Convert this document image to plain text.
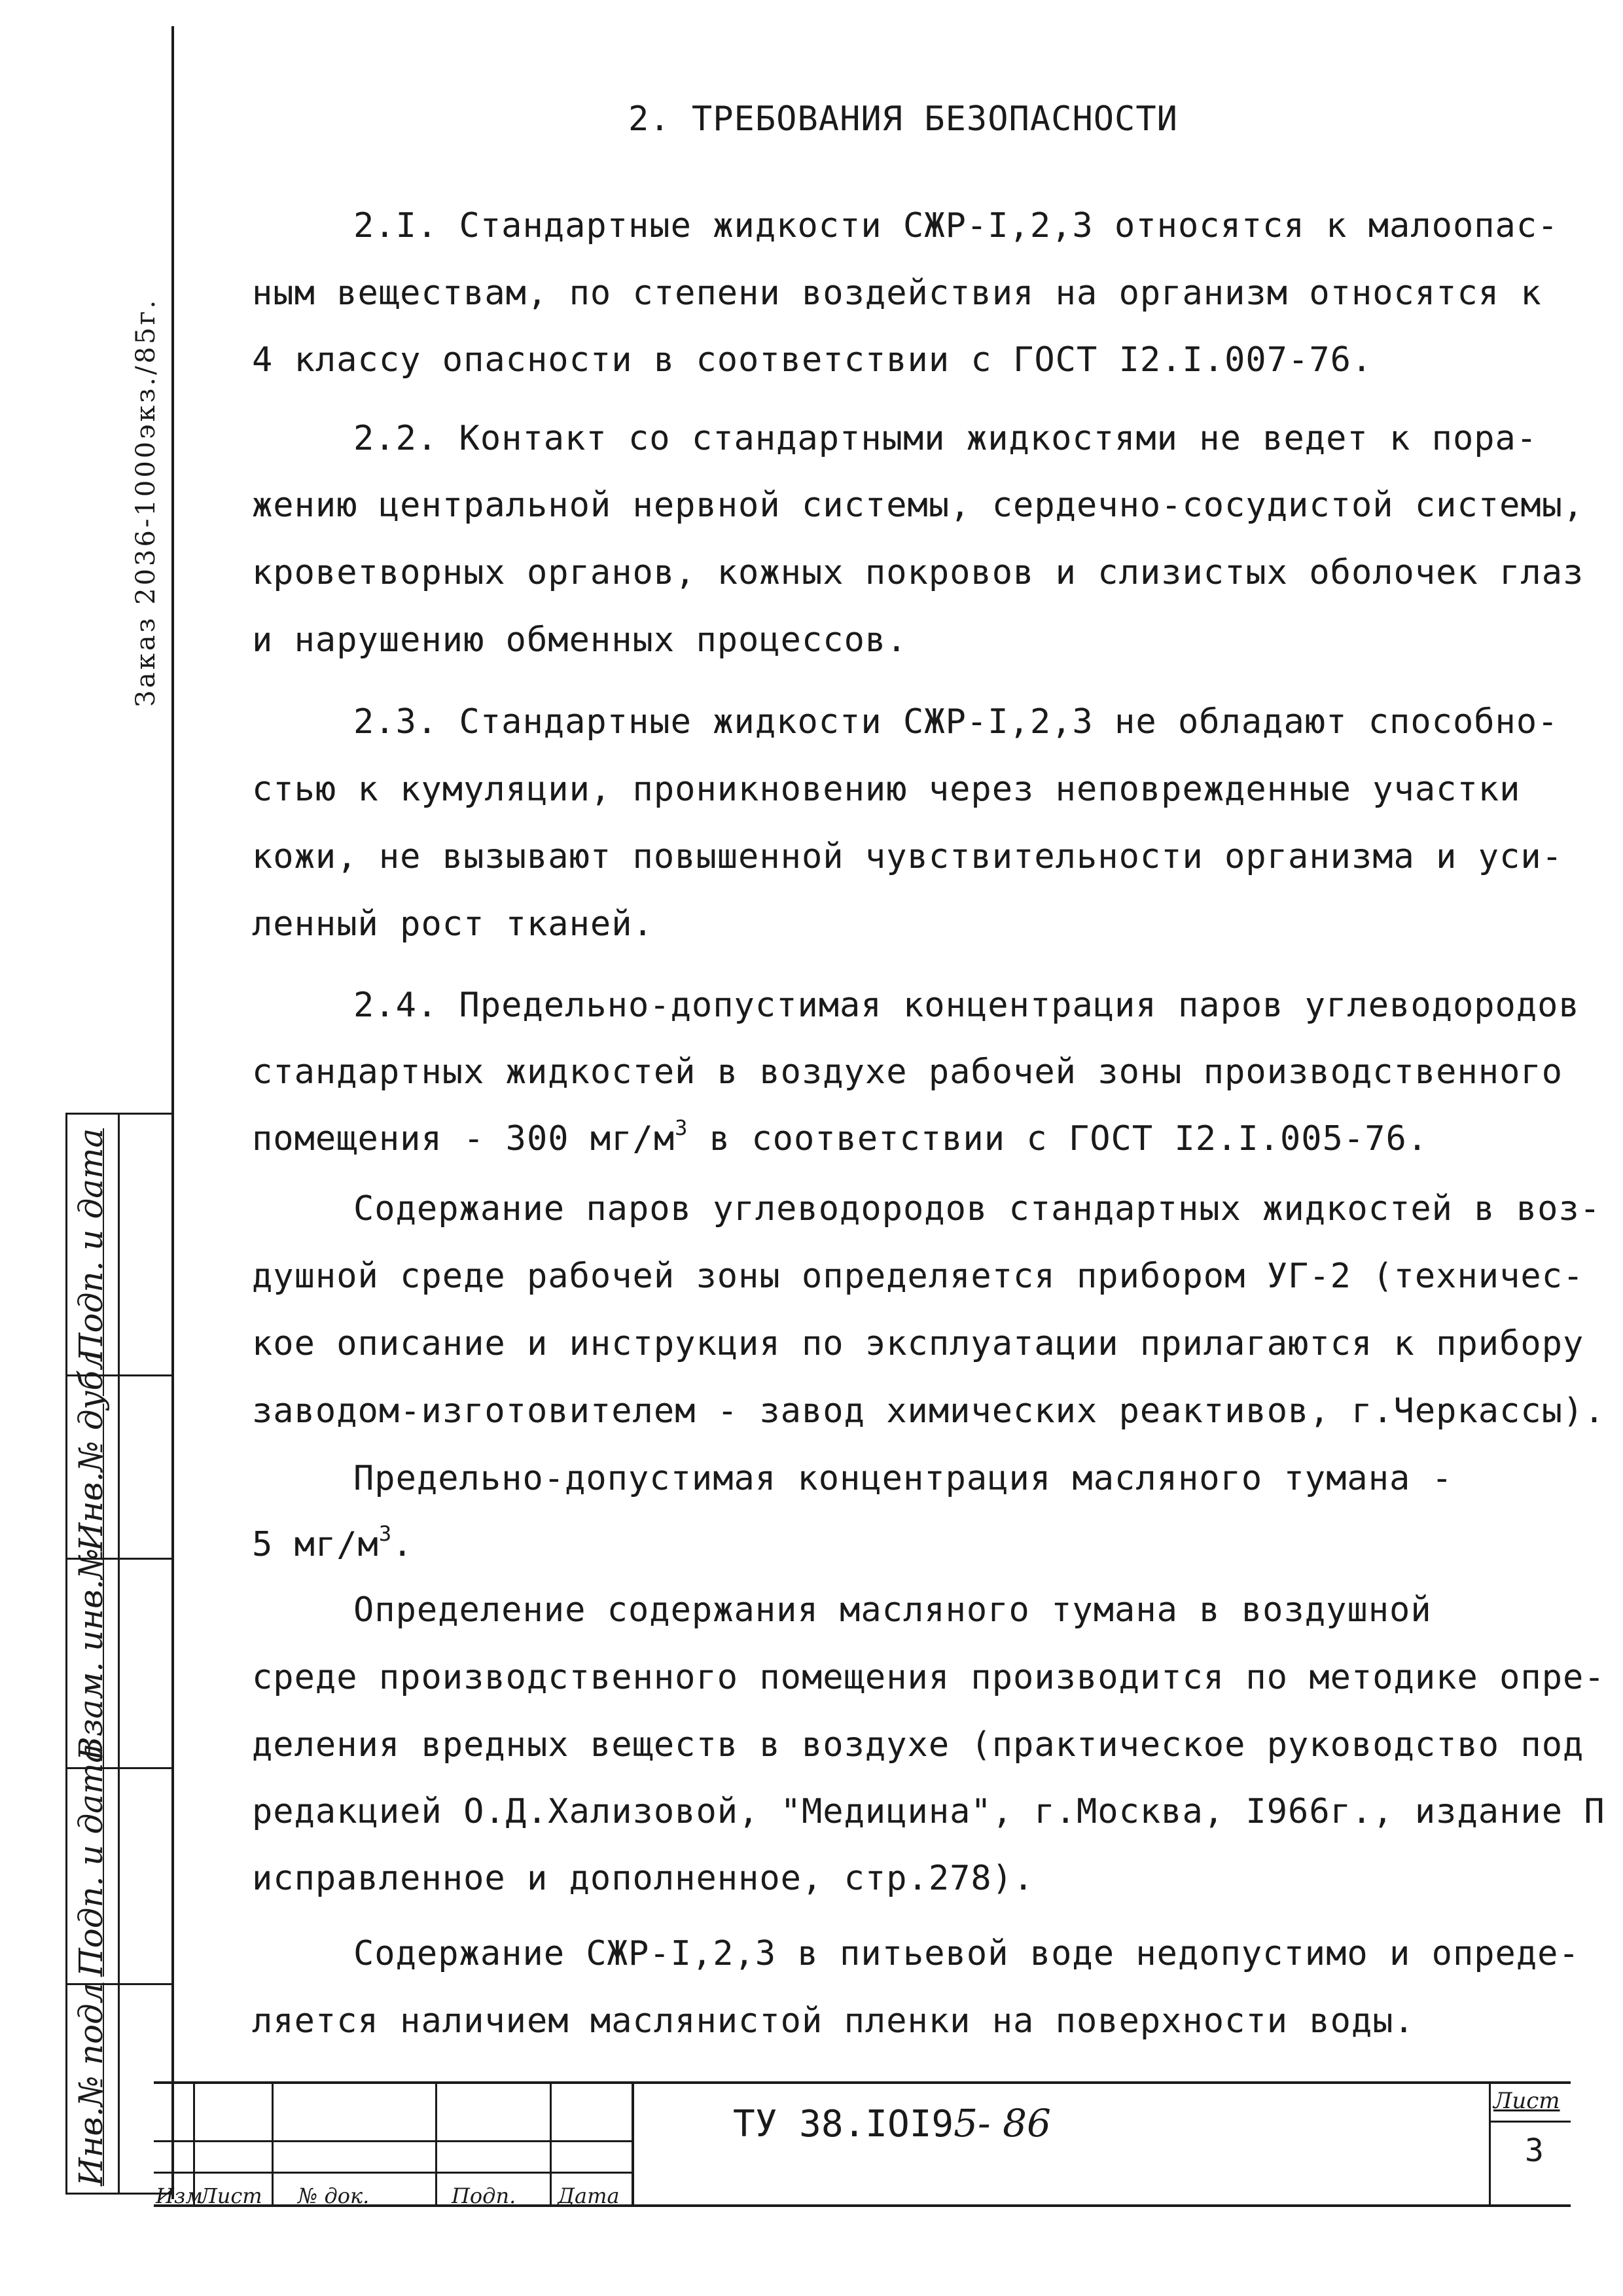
2. ТРЕБОВАНИЯ БЕЗОПАСНОСТИ
2.I. Стандартные жидкости СЖР-I,2,3 относятся к малоопас-
ным веществам, по степени воздействия на организм относятся к
4 классу опасности в соответствии с ГОСТ I2.I.007-76.
2.2. Контакт со стандартными жидкостями не ведет к пора-
жению центральной нервной системы, сердечно-сосудистой системы,
кроветворных органов, кожных покровов и слизистых оболочек глаз
и нарушению обменных процессов.
2.3. Стандартные жидкости СЖР-I,2,3 не обладают способно-
стью к кумуляции, проникновению через неповрежденные участки
кожи, не вызывают повышенной чувствительности организма и уси-
ленный рост тканей.
2.4. Предельно-допустимая концентрация паров углеводородов
стандартных жидкостей в воздухе рабочей зоны производственного
помещения - 300 $мг/м^3$ в соответствии с ГОСТ I2.I.005-76.
Содержание паров углеводородов стандартных жидкостей в воз-
душной среде рабочей зоны определяется прибором УГ-2 (техничес-
кое описание и инструкция по эксплуатации прилагаются к прибору
заводом-изготовителем - завод химических реактивов, г.Черкассы).
Предельно-допустимая концентрация масляного тумана -
5 $мг/м^3$.
Определение содержания масляного тумана в воздушной
среде производственного помещения производится по методике опре-
деления вредных веществ в воздухе (практическое руководство под
редакцией О.Д.Хализовой, "Медицина", г.Москва, I966г., издание П
исправленное и дополненное, стр.278).
Содержание СЖР-I,2,3 в питьевой воде недопустимо и опреде-
ляется наличием маслянистой пленки на поверхности воды.
Заказ 2036-1000экз./85г.
Подп. и дата
Инв.№ дубл
Взам. инв.№
Подп. и дата
Инв.№ подл
Изм
Лист № док.	Подп. Дата
ТУ 38.IOI95- 86	Лист
3
